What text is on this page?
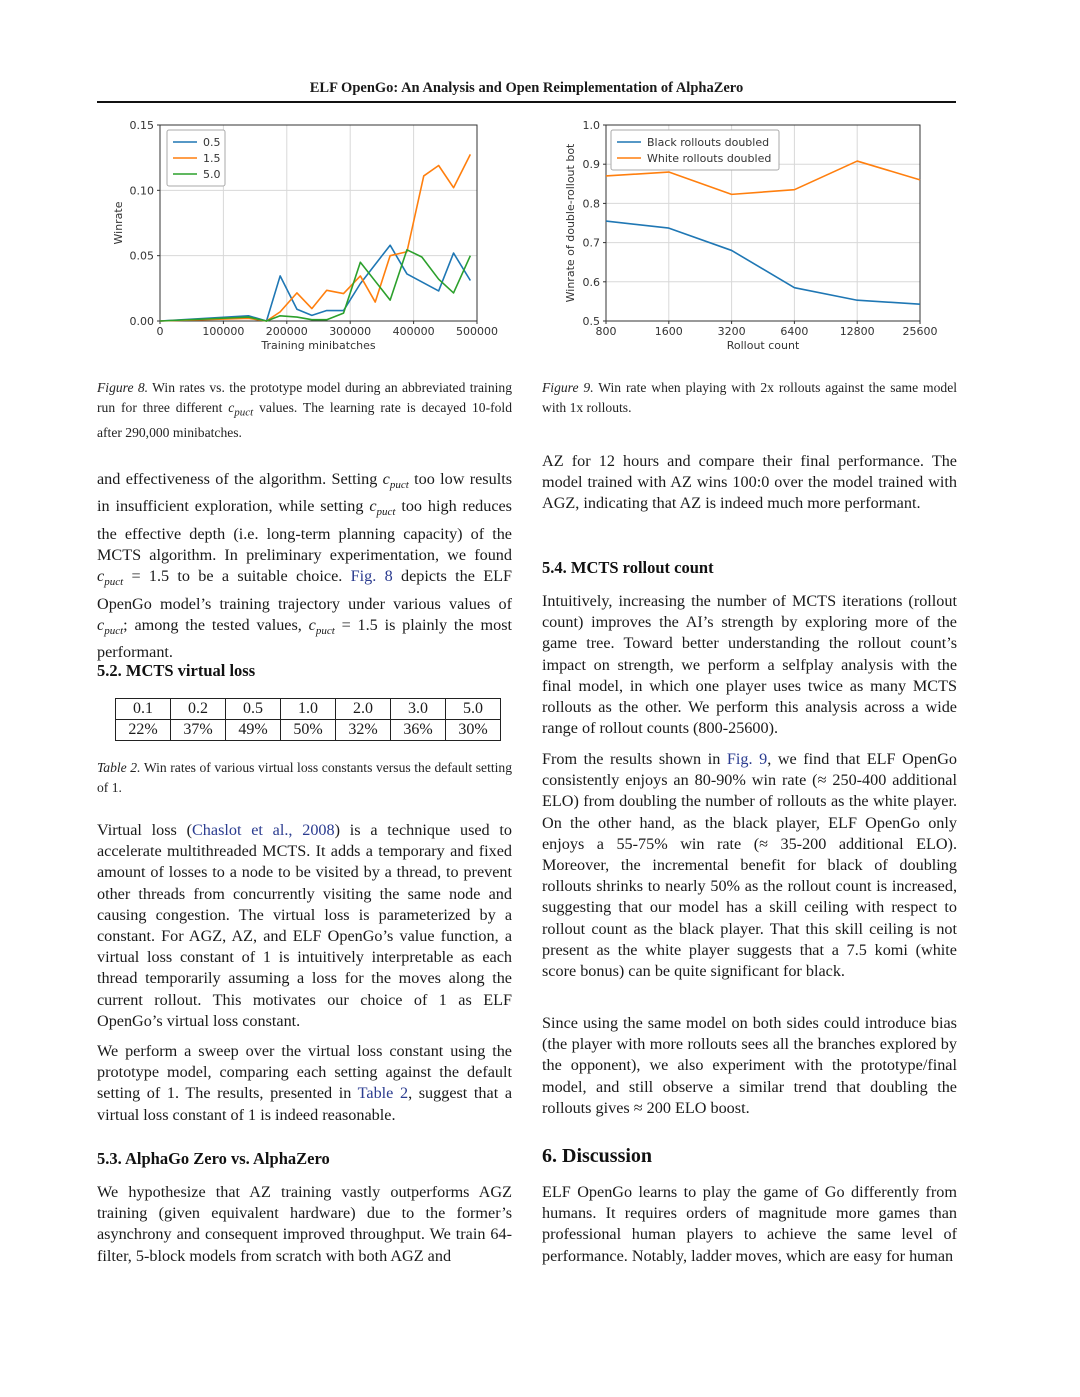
ELF OpenGo: An Analysis and Open Reimplementation of AlphaZero
0	100000 200000 300000 400000 500000
0.00
0.05
0.10
0.15
Training minibatches
Winrate
0.5
1.5
5.0
800	1600	3200	6400	12800	25600
0.5
0.6
0.7
0.8
0.9
1.0
Rollout count
Winrate of double-rollout bot
Black rollouts doubled
White rollouts doubled
Figure 8. Win rates vs. the prototype model during an abbreviated training run for three different $c_{puct}$ values. The learning rate is decayed 10-fold after 290,000 minibatches.
Figure 9. Win rate when playing with 2x rollouts against the same model with 1x rollouts.
and effectiveness of the algorithm. Setting $c_{puct}$ too low results in insufficient exploration, while setting $c_{puct}$ too high reduces the effective depth (i.e. long-term planning capacity) of the MCTS algorithm. In preliminary experimentation, we found $c_{puct} = 1.5$ to be a suitable choice. Fig. 8 depicts the ELF OpenGo model’s training trajectory under various values of $c_{puct}$; among the tested values, $c_{puct} = 1.5$ is plainly the most performant.
5.2. MCTS virtual loss
0.1	0.2	0.5	1.0	2.0	3.0	5.0
22%	37%	49%	50%	32%	36%	30%
Table 2. Win rates of various virtual loss constants versus the default setting of 1.
Virtual loss (Chaslot et al., 2008) is a technique used to accelerate multithreaded MCTS. It adds a temporary and fixed amount of losses to a node to be visited by a thread, to prevent other threads from concurrently visiting the same node and causing congestion. The virtual loss is parameterized by a constant. For AGZ, AZ, and ELF OpenGo’s value function, a virtual loss constant of 1 is intuitively interpretable as each thread temporarily assuming a loss for the moves along the current rollout. This motivates our choice of 1 as ELF OpenGo’s virtual loss constant.
We perform a sweep over the virtual loss constant using the prototype model, comparing each setting against the default setting of 1. The results, presented in Table 2, suggest that a virtual loss constant of 1 is indeed reasonable.
5.3. AlphaGo Zero vs. AlphaZero
We hypothesize that AZ training vastly outperforms AGZ training (given equivalent hardware) due to the former’s asynchrony and consequent improved throughput. We train 64-filter, 5-block models from scratch with both AGZ and
AZ for 12 hours and compare their final performance. The model trained with AZ wins 100:0 over the model trained with AGZ, indicating that AZ is indeed much more performant.
5.4. MCTS rollout count
Intuitively, increasing the number of MCTS iterations (rollout count) improves the AI’s strength by exploring more of the game tree. Toward better understanding the rollout count’s impact on strength, we perform a selfplay analysis with the final model, in which one player uses twice as many MCTS rollouts as the other. We perform this analysis across a wide range of rollout counts (800-25600).
From the results shown in Fig. 9, we find that ELF OpenGo consistently enjoys an 80-90% win rate (≈ 250-400 additional ELO) from doubling the number of rollouts as the white player. On the other hand, as the black player, ELF OpenGo only enjoys a 55-75% win rate (≈ 35-200 additional ELO). Moreover, the incremental benefit for black of doubling rollouts shrinks to nearly 50% as the rollout count is increased, suggesting that our model has a skill ceiling with respect to rollout count as the black player. That this skill ceiling is not present as the white player suggests that a 7.5 komi (white score bonus) can be quite significant for black.
Since using the same model on both sides could introduce bias (the player with more rollouts sees all the branches explored by the opponent), we also experiment with the prototype/final model, and still observe a similar trend that doubling the rollouts gives ≈ 200 ELO boost.
6. Discussion
ELF OpenGo learns to play the game of Go differently from humans. It requires orders of magnitude more games than professional human players to achieve the same level of performance. Notably, ladder moves, which are easy for human
